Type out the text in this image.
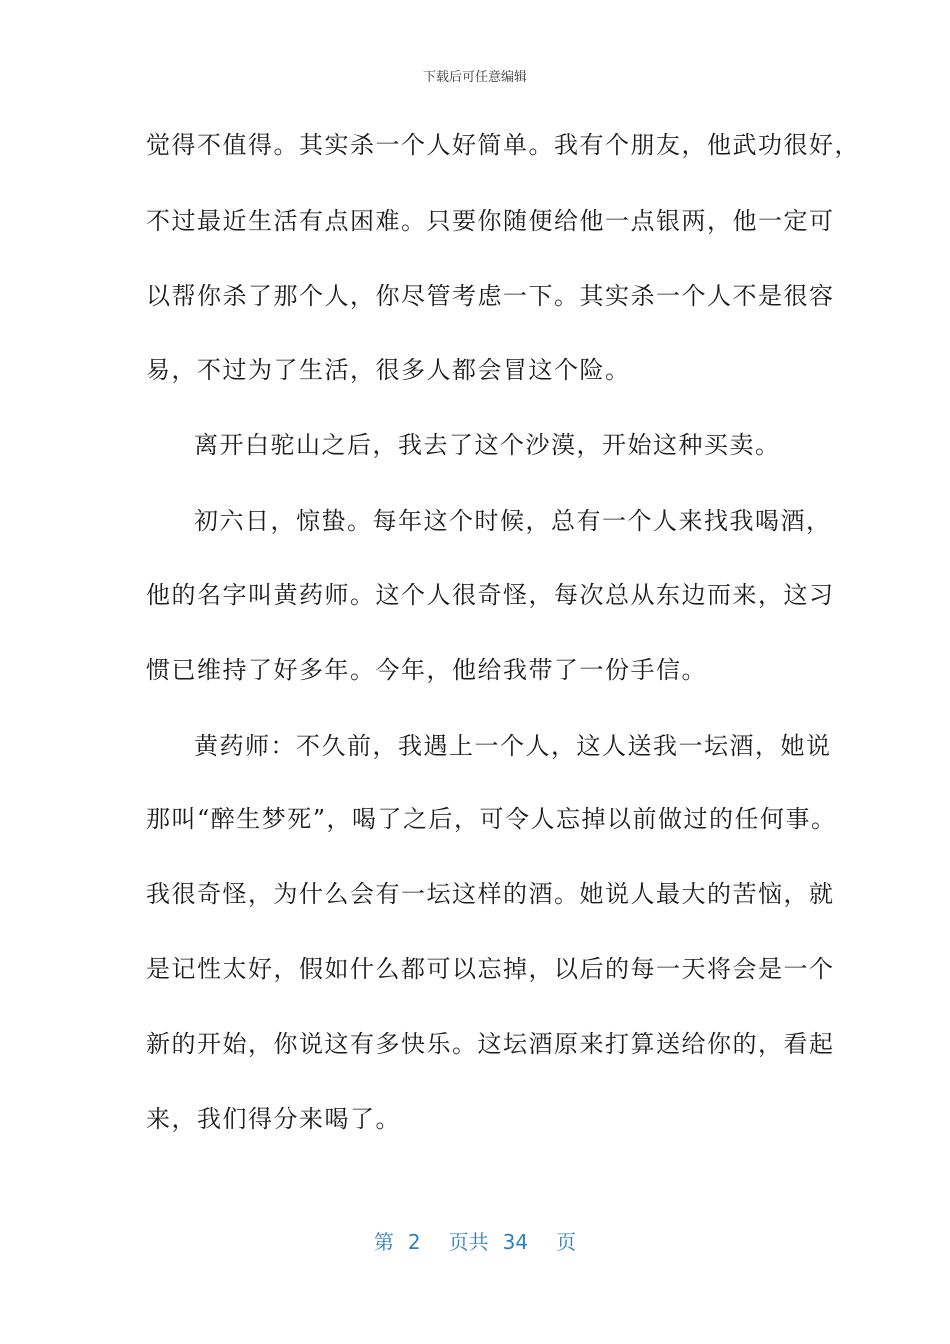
下载后可任意编辑
觉得不值得。其实杀一个人好简单。我有个朋友，他武功很好，
不过最近生活有点困难。只要你随便给他一点银两，他一定可
以帮你杀了那个人，你尽管考虑一下。其实杀一个人不是很容
易，不过为了生活，很多人都会冒这个险。
离开白驼山之后，我去了这个沙漠，开始这种买卖。
初六日，惊蛰。每年这个时候，总有一个人来找我喝酒，
他的名字叫黄药师。这个人很奇怪，每次总从东边而来，这习
惯已维持了好多年。今年，他给我带了一份手信。
黄药师：不久前，我遇上一个人，这人送我一坛酒，她说
那叫“醉生梦死”，喝了之后，可令人忘掉以前做过的任何事。
我很奇怪，为什么会有一坛这样的酒。她说人最大的苦恼，就
是记性太好，假如什么都可以忘掉，以后的每一天将会是一个
新的开始，你说这有多快乐。这坛酒原来打算送给你的，看起
来，我们得分来喝了。
第 2 页共 34 页
